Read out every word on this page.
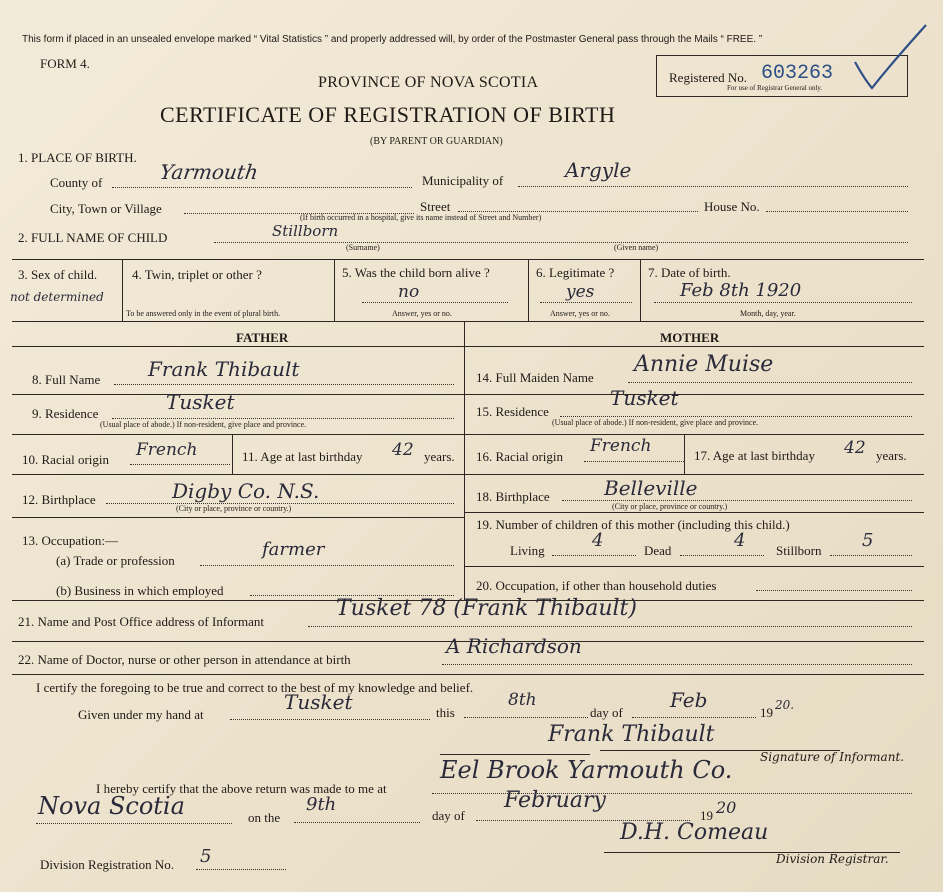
This form if placed in an unsealed envelope marked “ Vital Statistics ” and properly addressed will, by order of the Postmaster General pass through the Mails “ FREE. ”
FORM 4.
PROVINCE OF NOVA SCOTIA
CERTIFICATE OF REGISTRATION OF BIRTH
(BY PARENT OR GUARDIAN)
Registered No. 603263
For use of Registrar General only.
1. PLACE OF BIRTH.
County of	Yarmouth	Municipality of	Argyle
City, Town or Village	Street	House No.
(If birth occurred in a hospital, give its name instead of Street and Number)
2. FULL NAME OF CHILD	Stillborn
(Surname)	(Given name)
3. Sex of child.
not determined
4. Twin, triplet or other ?
To be answered only in the event of plural birth.
5. Was the child born alive ?
no
Answer, yes or no.
6. Legitimate ?
yes
Answer, yes or no.
7. Date of birth.
Feb 8th 1920
Month, day, year.
FATHER	MOTHER
8. Full Name Frank Thibault
9. Residence	Tusket
(Usual place of abode.) If non-resident, give place and province.
10. Racial origin French	11. Age at last birthday 42 years.
12. Birthplace	Digby Co. N.S.
(City or place, province or country.)
13. Occupation:—
(a) Trade or profession
farmer
(b) Business in which employed
14. Full Maiden Name
Annie Muise
15. Residence
Tusket
(Usual place of abode.) If non-resident, give place and province.
16. Racial origin
French	17. Age at last birthday 42 years.
18. Birthplace	Belleville
(City or place, province or country.)
19. Number of children of this mother (including this child.)
Living	4	Dead	4 Stillborn 5
20. Occupation, if other than household duties
21. Name and Post Office address of Informant
Tusket 78 (Frank Thibault)
22. Name of Doctor, nurse or other person in attendance at birth
A Richardson
I certify the foregoing to be true and correct to the best of my knowledge and belief.
Given under my hand at
Tusket	this
8th
day of
Feb
19 20.
Frank Thibault
Signature of Informant.
I hereby certify that the above return was made to me at
Eel Brook Yarmouth Co.
Nova Scotia	on the
9th
day of
February
19 20
D.H. Comeau
Division Registrar.
Division Registration No. 5
